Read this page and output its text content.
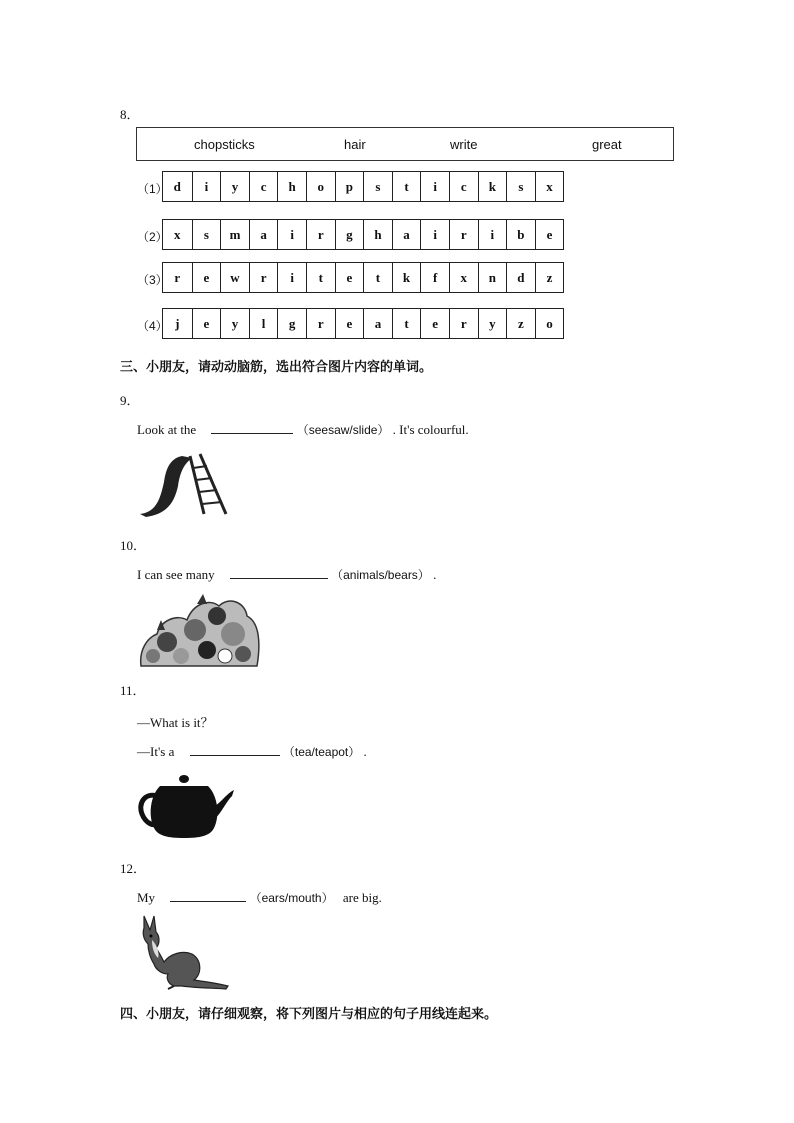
8．
chopsticks	hair	write	great
（1） d	i	y	c	h	o	p	s	t	i	c	k	s	x
（2） x	s	m	a	i	r	g	h	a	i	r	i	b	e
（3） r	e	w	r	i	t	e	t	k	f	x	n	d	z
（4） j	e	y	l	g	r	e	a	t	e	r	y	z	o
三、小朋友，请动动脑筋，选出符合图片内容的单词。
9．
Look at the	（seesaw/slide） . It's colourful.
10．
I can see many	（animals/bears） .
11．
—What is it？
—It's a	（tea/teapot） .
12．
My	（ears/mouth） are big.
四、小朋友，请仔细观察，将下列图片与相应的句子用线连起来。
